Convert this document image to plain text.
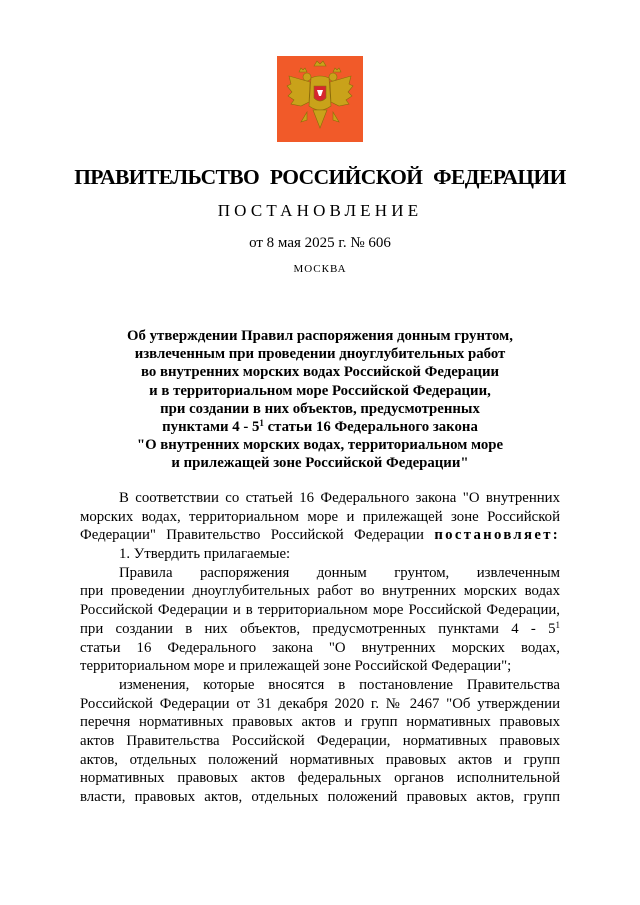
ПРАВИТЕЛЬСТВО РОССИЙСКОЙ ФЕДЕРАЦИИ
ПОСТАНОВЛЕНИЕ
от 8 мая 2025 г. № 606
МОСКВА
Об утверждении Правил распоряжения донным грунтом,
извлеченным при проведении дноуглубительных работ
во внутренних морских водах Российской Федерации
и в территориальном море Российской Федерации,
при создании в них объектов, предусмотренных
пунктами $4 - 5^1$ статьи 16 Федерального закона
"О внутренних морских водах, территориальном море
и прилежащей зоне Российской Федерации"
В соответствии со статьей 16 Федерального закона "О внутренних
морских водах, территориальном море и прилежащей зоне Российской
Федерации" Правительство Российской Федерации постановляет:
1. Утвердить прилагаемые:
Правила распоряжения донным грунтом, извлеченным
при проведении дноуглубительных работ во внутренних морских водах
Российской Федерации и в территориальном море Российской Федерации,
при создании в них объектов, предусмотренных пунктами $4 - 5^1$
статьи 16 Федерального закона "О внутренних морских водах,
территориальном море и прилежащей зоне Российской Федерации";
изменения, которые вносятся в постановление Правительства
Российской Федерации от 31 декабря 2020 г. № 2467 "Об утверждении
перечня нормативных правовых актов и групп нормативных правовых
актов Правительства Российской Федерации, нормативных правовых
актов, отдельных положений нормативных правовых актов и групп
нормативных правовых актов федеральных органов исполнительной
власти, правовых актов, отдельных положений правовых актов, групп
